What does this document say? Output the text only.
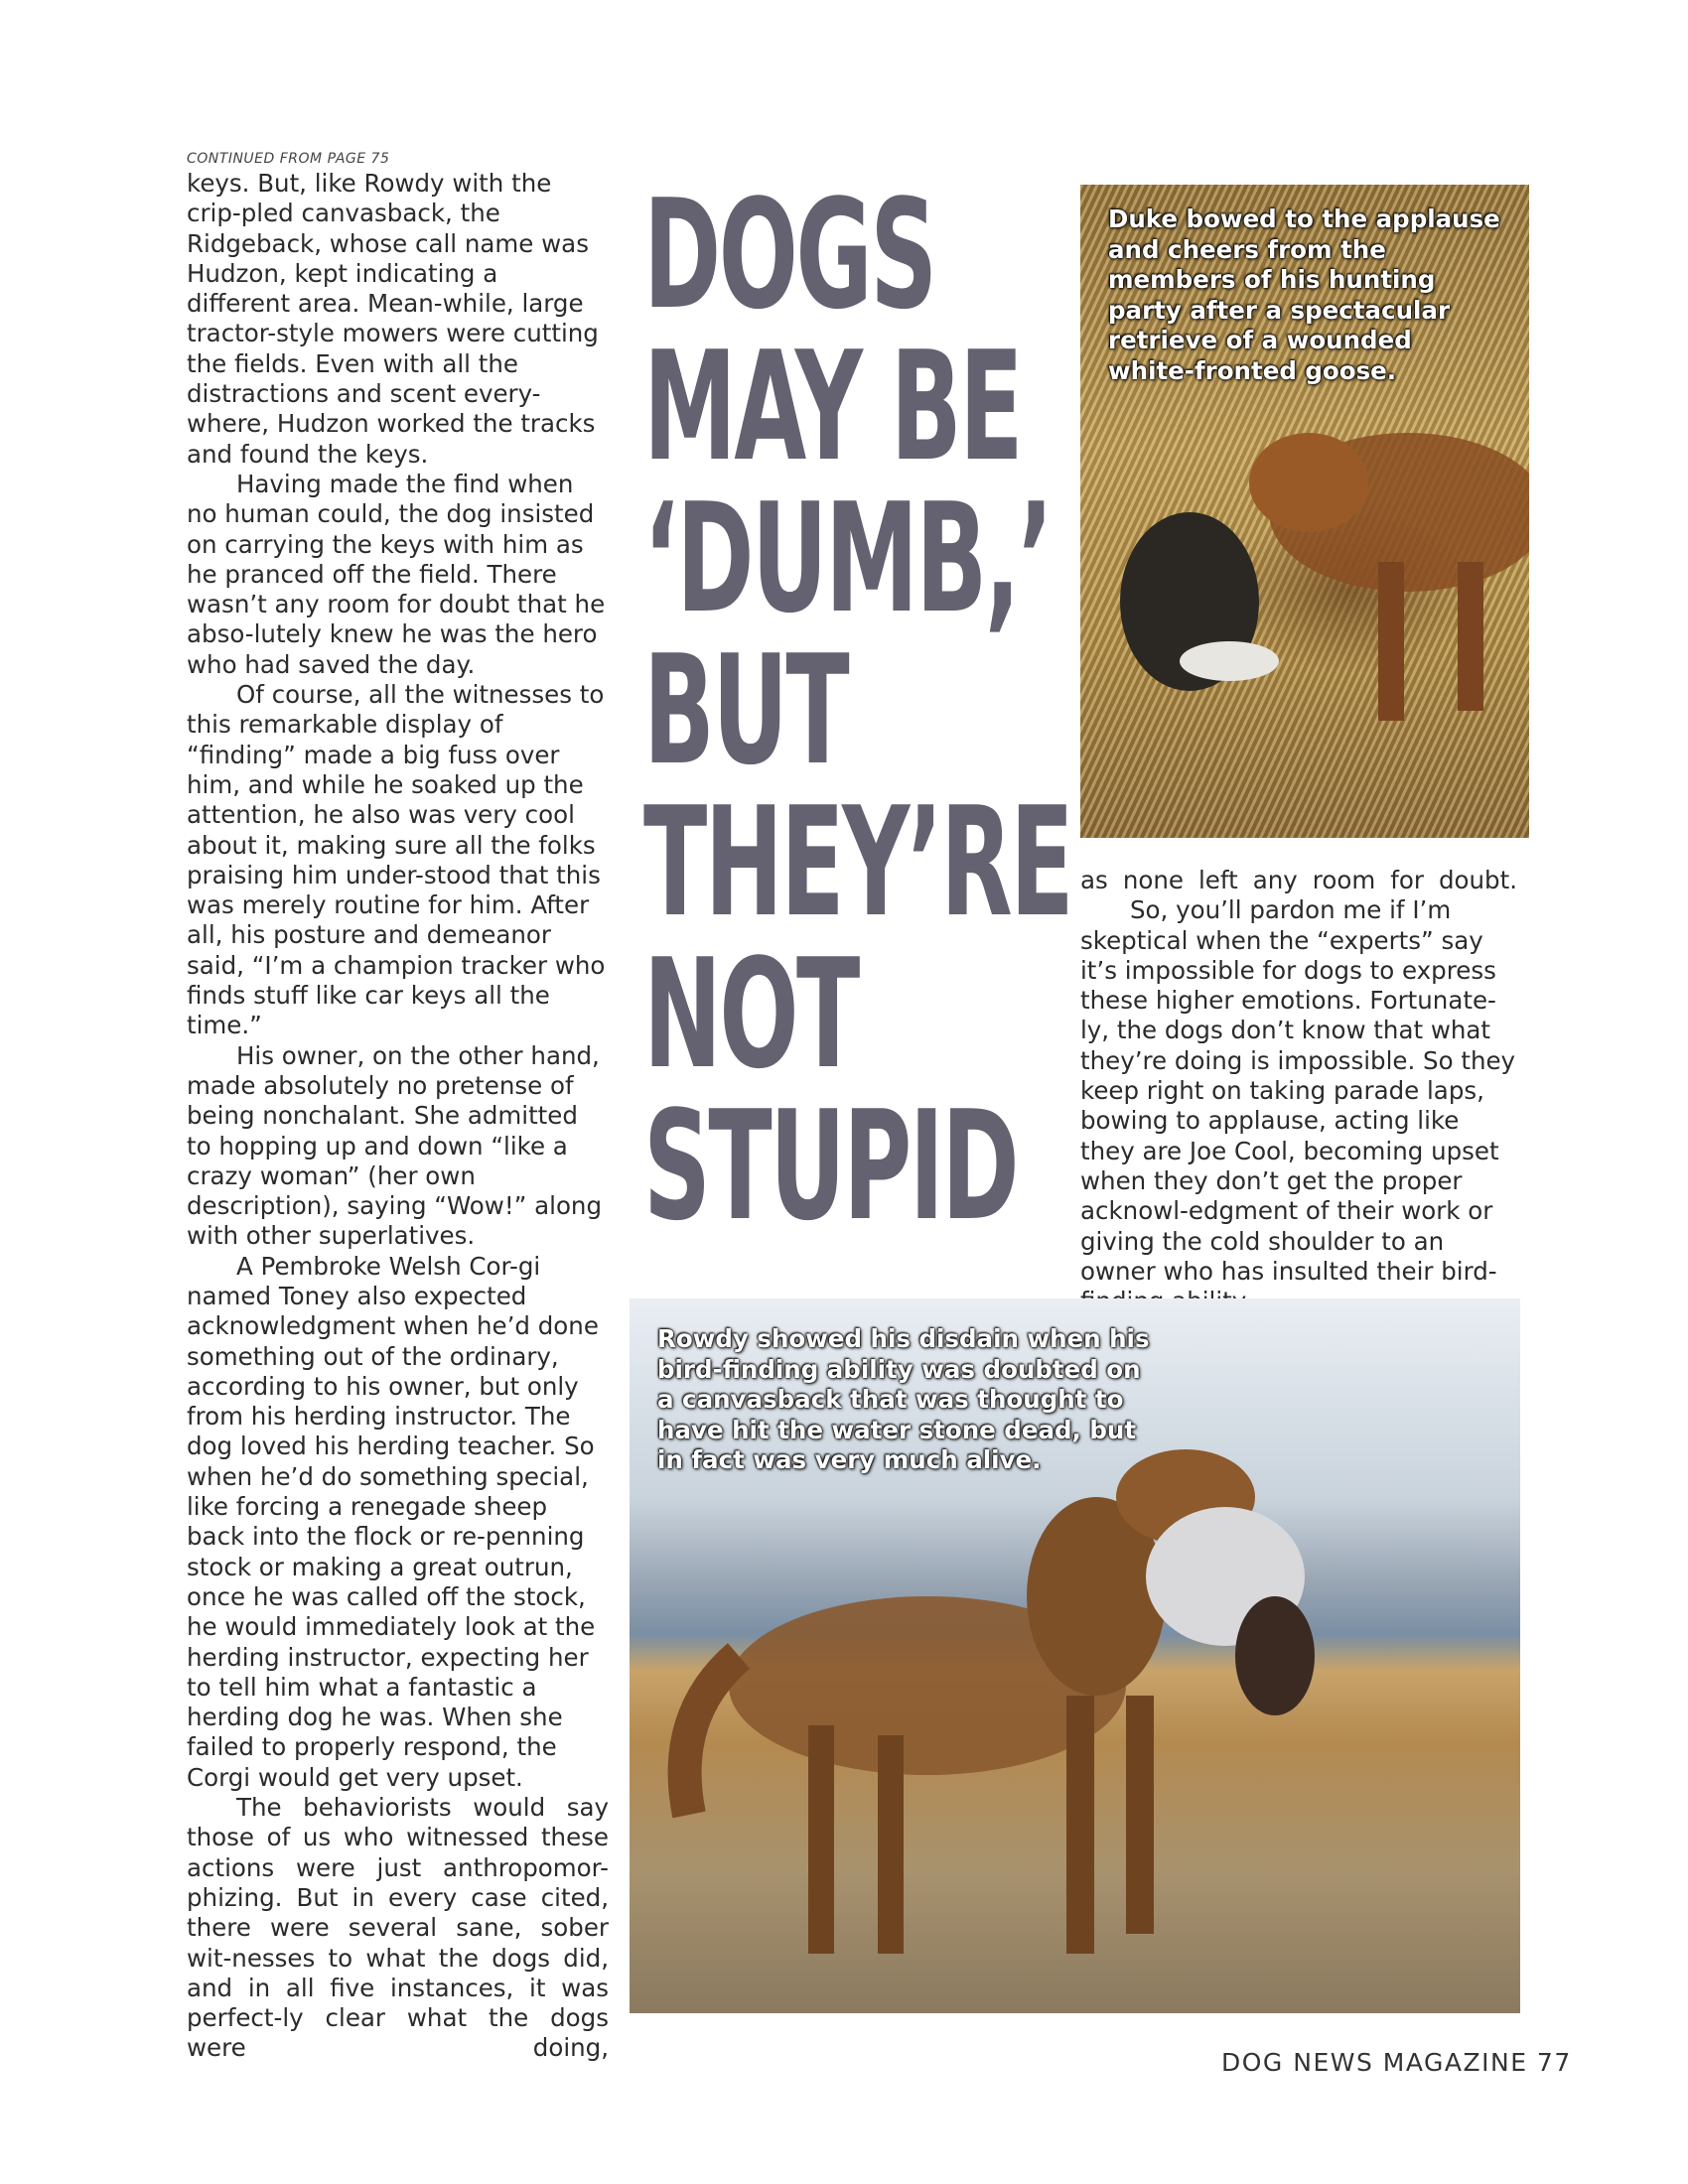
CONTINUED FROM PAGE 75

keys. But, like Rowdy with the crip-pled canvasback, the Ridgeback, whose call name was Hudzon, kept indicating a different area. Mean-while, large tractor-style mowers were cutting the fields. Even with all the distractions and scent every-where, Hudzon worked the tracks and found the keys.

Having made the find when no human could, the dog insisted on carrying the keys with him as he pranced off the field. There wasn’t any room for doubt that he abso-lutely knew he was the hero who had saved the day.

Of course, all the witnesses to this remarkable display of “finding” made a big fuss over him, and while he soaked up the attention, he also was very cool about it, making sure all the folks praising him under-stood that this was merely routine for him. After all, his posture and demeanor said, “I’m a champion tracker who finds stuff like car keys all the time.”

His owner, on the other hand, made absolutely no pretense of being nonchalant. She admitted to hopping up and down “like a crazy woman” (her own description), saying “Wow!” along with other superlatives.

A Pembroke Welsh Cor-gi named Toney also expected acknowledgment when he’d done something out of the ordinary, according to his owner, but only from his herding instructor. The dog loved his herding teacher. So when he’d do something special, like forcing a renegade sheep back into the flock or re-penning stock or making a great outrun, once he was called off the stock, he would immediately look at the herding instructor, expecting her to tell him what a fantastic a herding dog he was. When she failed to properly respond, the Corgi would get very upset.

The behaviorists would say those of us who witnessed these actions were just anthropomor-phizing. But in every case cited, there were several sane, sober wit-nesses to what the dogs did, and in all five instances, it was perfect-ly clear what the dogs were doing,

DOGS
MAY BE
‘DUMB,’
BUT
THEY’RE
NOT
STUPID

Duke bowed to the applause and cheers from the members of his hunting party after a spectacular retrieve of a wounded white-fronted goose.

as none left any room for doubt.

So, you’ll pardon me if I’m skeptical when the “experts” say it’s impossible for dogs to express these higher emotions. Fortunate-ly, the dogs don’t know that what they’re doing is impossible. So they keep right on taking parade laps, bowing to applause, acting like they are Joe Cool, becoming upset when they don’t get the proper acknowl-edgment of their work or giving the cold shoulder to an owner who has insulted their bird-

Rowdy showed his disdain when his bird-finding ability was doubted on a canvasback that was thought to have hit the water stone dead, but in fact was very much alive.

DOG NEWS MAGAZINE 77
